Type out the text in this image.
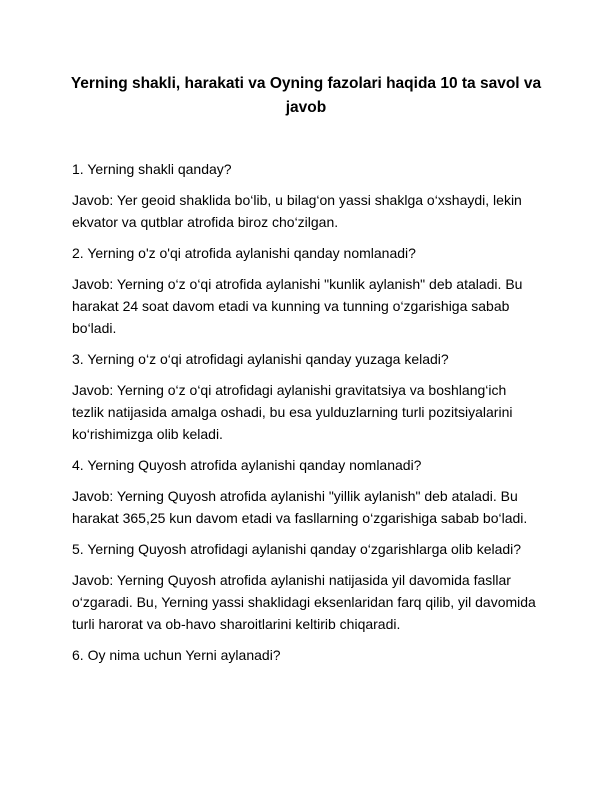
Yerning shakli, harakati va Oyning fazolari haqida 10 ta savol va javob

1. Yerning shakli qanday?

Javob: Yer geoid shaklida bo‘lib, u bilag‘on yassi shaklga o‘xshaydi, lekin ekvator va qutblar atrofida biroz cho‘zilgan.

2. Yerning o'z o'qi atrofida aylanishi qanday nomlanadi?

Javob: Yerning o‘z o‘qi atrofida aylanishi "kunlik aylanish" deb ataladi. Bu harakat 24 soat davom etadi va kunning va tunning o‘zgarishiga sabab bo‘ladi.

3. Yerning o‘z o‘qi atrofidagi aylanishi qanday yuzaga keladi?

Javob: Yerning o‘z o‘qi atrofidagi aylanishi gravitatsiya va boshlang‘ich tezlik natijasida amalga oshadi, bu esa yulduzlarning turli pozitsiyalarini ko‘rishimizga olib keladi.

4. Yerning Quyosh atrofida aylanishi qanday nomlanadi?

Javob: Yerning Quyosh atrofida aylanishi "yillik aylanish" deb ataladi. Bu harakat 365,25 kun davom etadi va fasllarning o‘zgarishiga sabab bo‘ladi.

5. Yerning Quyosh atrofidagi aylanishi qanday o‘zgarishlarga olib keladi?

Javob: Yerning Quyosh atrofida aylanishi natijasida yil davomida fasllar o‘zgaradi. Bu, Yerning yassi shaklidagi eksenlaridan farq qilib, yil davomida turli harorat va ob-havo sharoitlarini keltirib chiqaradi.

6. Oy nima uchun Yerni aylanadi?
